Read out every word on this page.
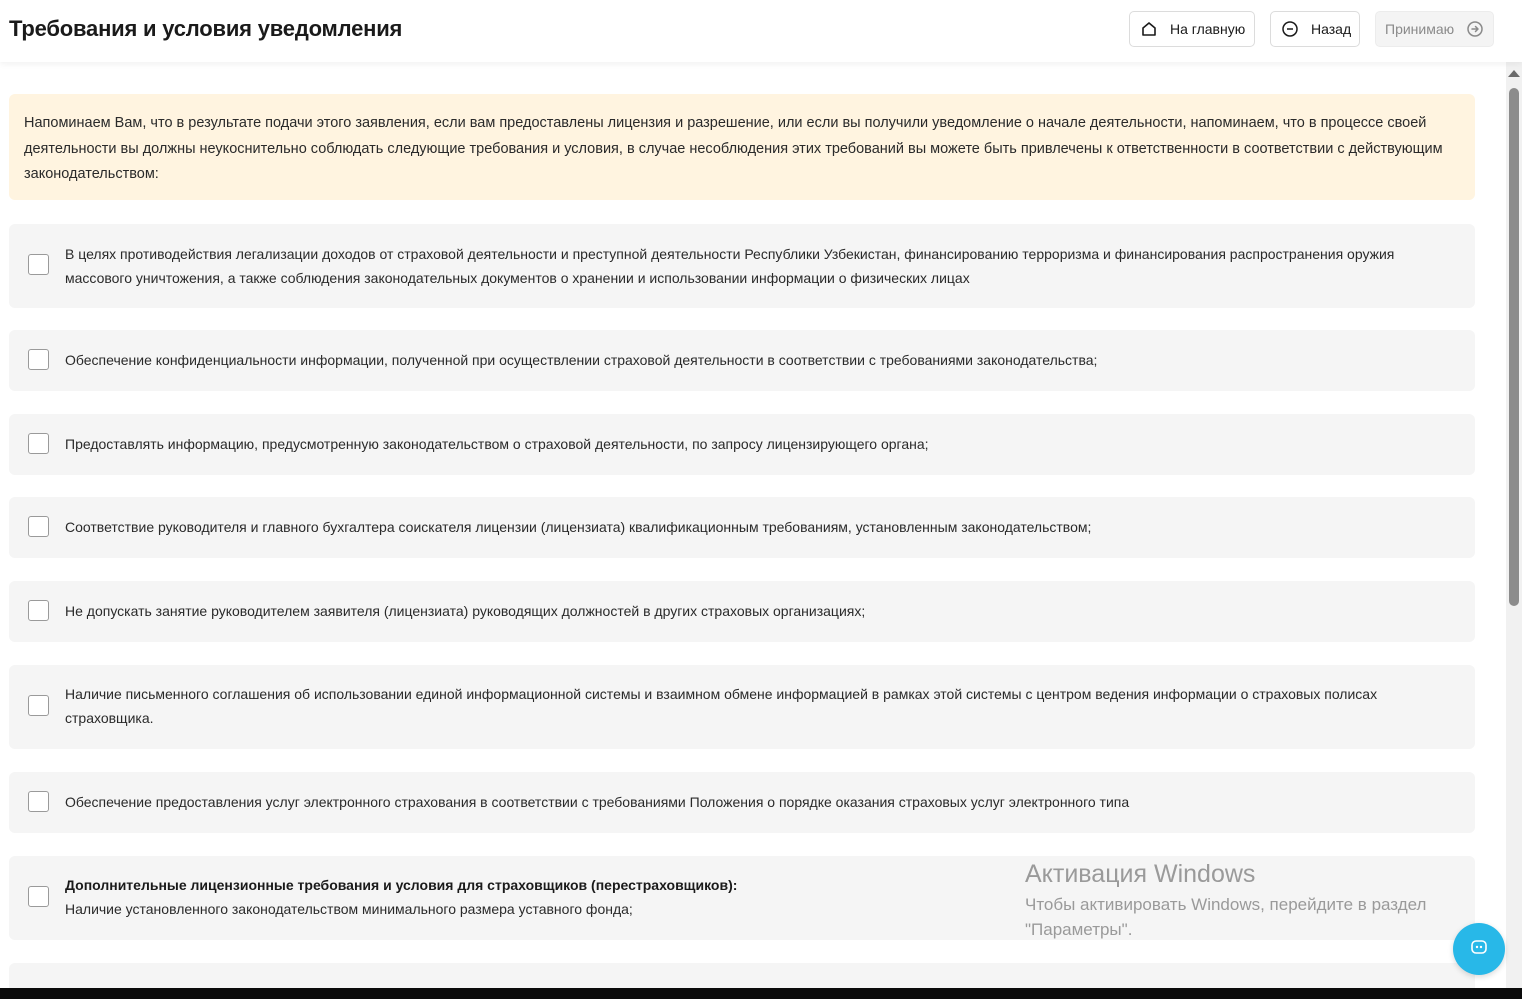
Требования и условия уведомления	На главную	Назад Принимаю
Напоминаем Вам, что в результате подачи этого заявления, если вам предоставлены лицензия и разрешение, или если вы получили уведомление о начале деятельности, напоминаем, что в процессе своей деятельности вы должны неукоснительно соблюдать следующие требования и условия, в случае несоблюдения этих требований вы можете быть привлечены к ответственности в соответствии с действующим законодательством:
В целях противодействия легализации доходов от страховой деятельности и преступной деятельности Республики Узбекистан, финансированию терроризма и финансирования распространения оружия массового уничтожения, а также соблюдения законодательных документов о хранении и использовании информации о физических лицах
Обеспечение конфиденциальности информации, полученной при осуществлении страховой деятельности в соответствии с требованиями законодательства;
Предоставлять информацию, предусмотренную законодательством о страховой деятельности, по запросу лицензирующего органа;
Соответствие руководителя и главного бухгалтера соискателя лицензии (лицензиата) квалификационным требованиям, установленным законодательством;
Не допускать занятие руководителем заявителя (лицензиата) руководящих должностей в других страховых организациях;
Наличие письменного соглашения об использовании единой информационной системы и взаимном обмене информацией в рамках этой системы с центром ведения информации о страховых полисах страховщика.
Обеспечение предоставления услуг электронного страхования в соответствии с требованиями Положения о порядке оказания страховых услуг электронного типа
Дополнительные лицензионные требования и условия для страховщиков (перестраховщиков):
Наличие установленного законодательством минимального размера уставного фонда;
Активация Windows
Чтобы активировать Windows, перейдите в раздел "Параметры".
